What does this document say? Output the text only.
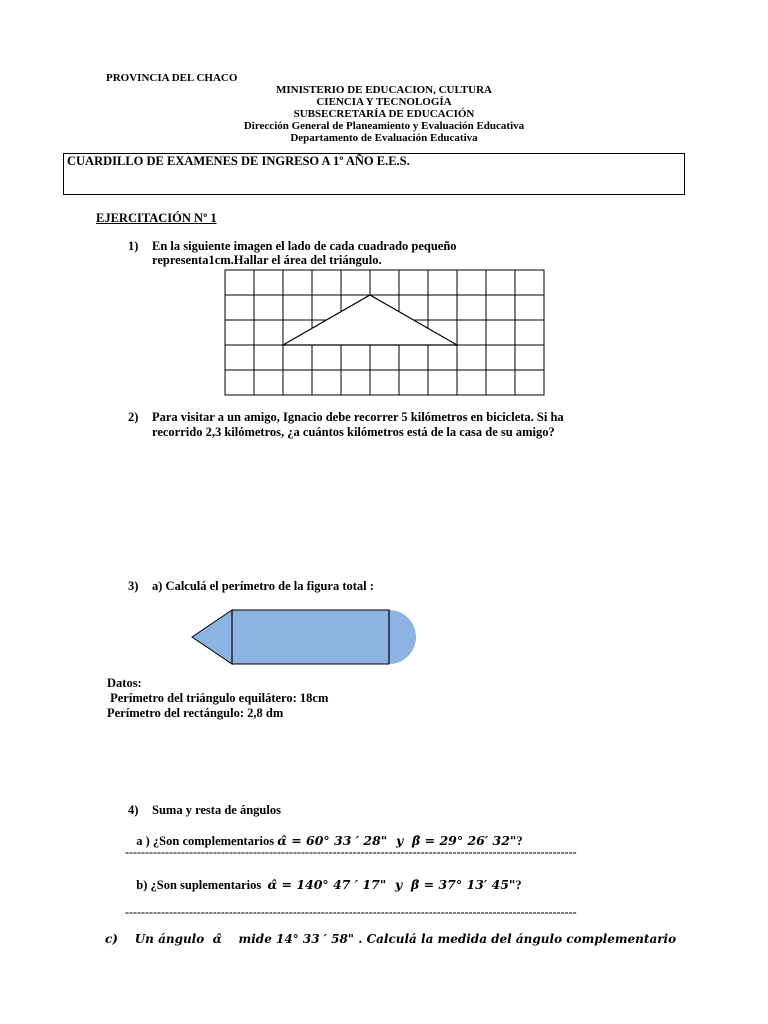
PROVINCIA DEL CHACO
MINISTERIO DE EDUCACION, CULTURA
CIENCIA Y TECNOLOGÍA
SUBSECRETARÍA DE EDUCACIÓN
Dirección General de Planeamiento y Evaluación Educativa
Departamento de Evaluación Educativa
CUARDILLO DE EXAMENES DE INGRESO A 1º AÑO E.E.S.
EJERCITACIÓN Nº 1
1) En la siguiente imagen el lado de cada cuadrado pequeño
representa1cm.Hallar el área del triángulo.
2) Para visitar a un amigo, Ignacio debe recorrer 5 kilómetros en bicicleta. Si ha
recorrido 2,3 kilómetros, ¿a cuántos kilómetros está de la casa de su amigo?
3) a) Calculá el perímetro de la figura total :
Datos:
Perímetro del triángulo equilátero: 18cm
Perímetro del rectángulo: 2,8 dm
4) Suma y resta de ángulos

a ) ¿Son complementarios α̂ = 60° 33 ′ 28"  y  β̂ = 29° 26′ 32"?

-----------------------------------------------------------------------------------------------------------------

b) ¿Son suplementarios  α̂ = 140° 47 ′ 17"  y  β̂ = 37° 13′ 45"?

-----------------------------------------------------------------------------------------------------------------
c)    Un ángulo  α̂    mide 14° 33 ′ 58" . Calculá la medida del ángulo complementario
